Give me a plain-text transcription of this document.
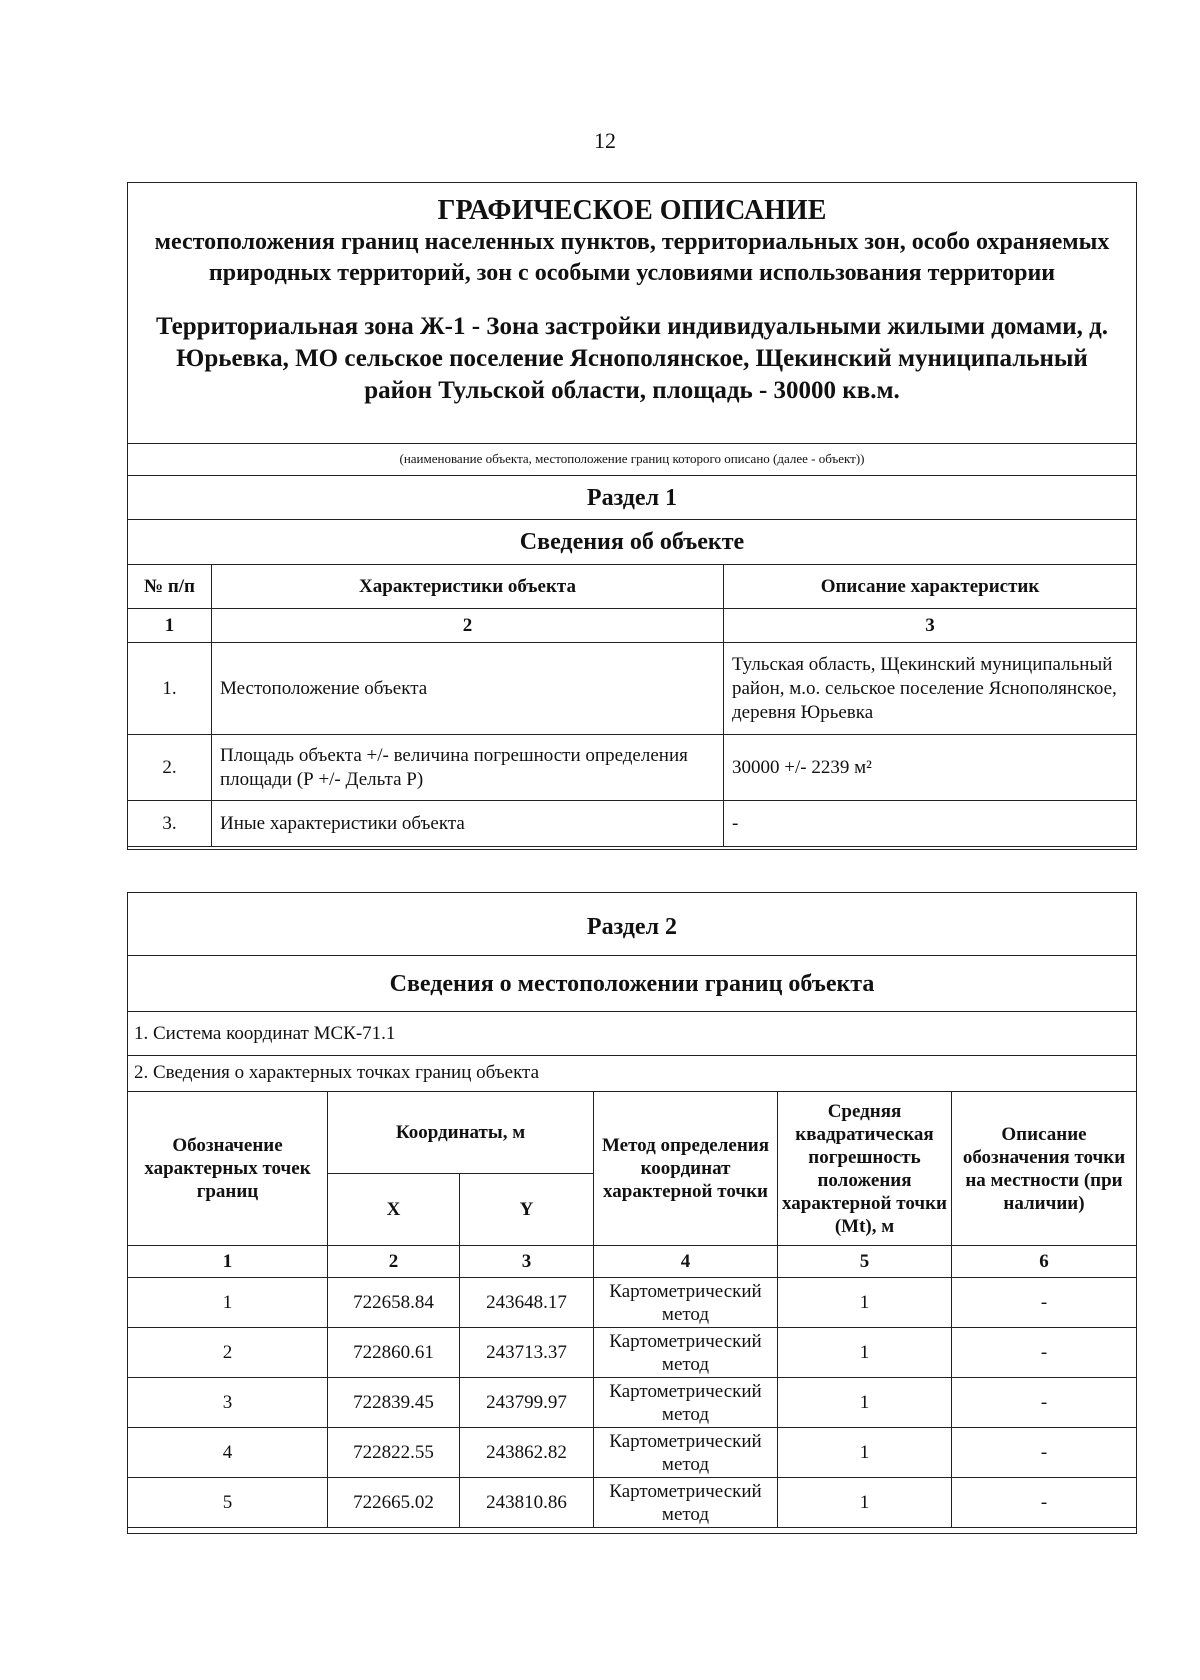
12
ГРАФИЧЕСКОЕ ОПИСАНИЕ
местоположения границ населенных пунктов, территориальных зон, особо охраняемых природных территорий, зон с особыми условиями использования территории
Территориальная зона Ж-1 - Зона застройки индивидуальными жилыми домами, д. Юрьевка, МО сельское поселение Яснополянское, Щекинский муниципальный район Тульской области, площадь - 30000 кв.м.
(наименование объекта, местоположение границ которого описано (далее - объект))
Раздел 1
Сведения об объекте
№ п/п	Характеристики объекта	Описание характеристик
1	2	3
1.	Местоположение объекта	Тульская область, Щекинский муниципальный район, м.о. сельское поселение Яснополянское, деревня Юрьевка
2.	Площадь объекта +/- величина погрешности определения площади (Р +/- Дельта Р)	30000 +/- 2239 м²
3.	Иные характеристики объекта	-
Раздел 2
Сведения о местоположении границ объекта
1. Система координат МСК-71.1
2. Сведения о характерных точках границ объекта
Обозначение характерных точек границ	Координаты, м		Метод определения координат характерной точки	Средняя квадратическая погрешность положения характерной точки (Mt), м	Описание обозначения точки на местности (при наличии)
	X	Y			
1	2	3	4	5	6
1	722658.84	243648.17	Картометрический метод	1	-
2	722860.61	243713.37	Картометрический метод	1	-
3	722839.45	243799.97	Картометрический метод	1	-
4	722822.55	243862.82	Картометрический метод	1	-
5	722665.02	243810.86	Картометрический метод	1	-
